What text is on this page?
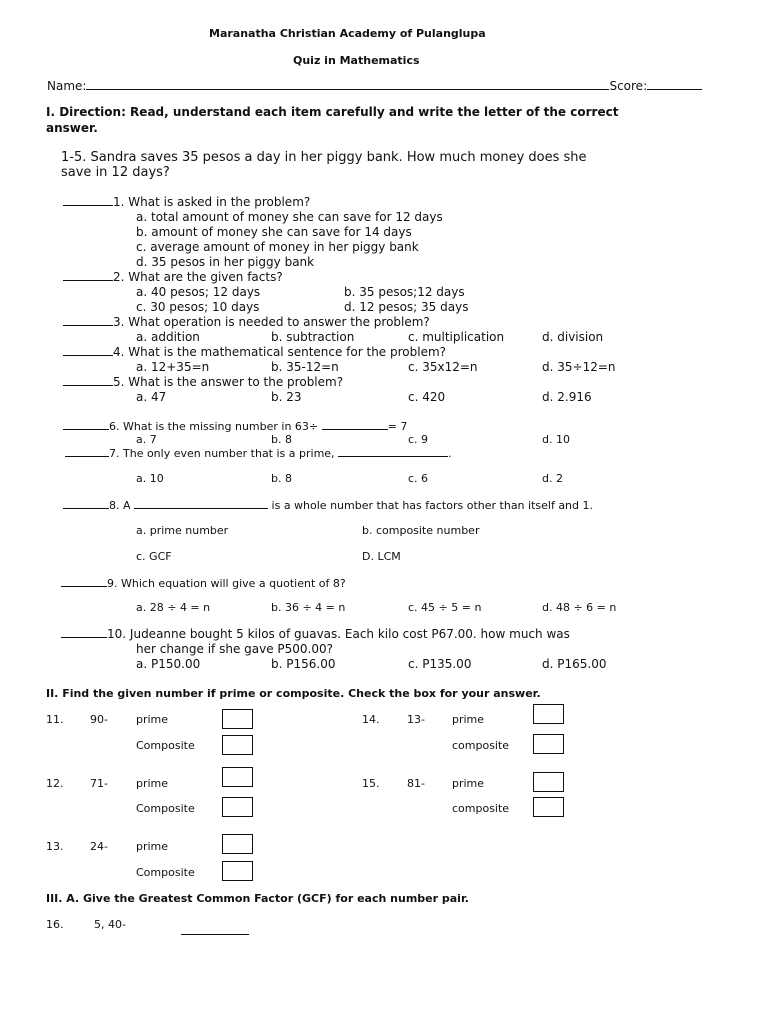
Maranatha Christian Academy of Pulanglupa
Quiz in Mathematics
Name:	Score:
I. Direction: Read, understand each item carefully and write the letter of the correct
answer.
1-5. Sandra saves 35 pesos a day in her piggy bank. How much money does she
save in 12 days?
1. What is asked in the problem?
a. total amount of money she can save for 12 days
b. amount of money she can save for 14 days
c. average amount of money in her piggy bank
d. 35 pesos in her piggy bank
2. What are the given facts?
a. 40 pesos; 12 days	b. 35 pesos;12 days
c. 30 pesos; 10 days	d. 12 pesos; 35 days
3. What operation is needed to answer the problem?
a. addition	b. subtraction	c. multiplication	d. division
4. What is the mathematical sentence for the problem?
a. 12+35=n	b. 35-12=n	c. 35x12=n	d. 35÷12=n
5. What is the answer to the problem?
a. 47	b. 23	c. 420	d. 2.916
6. What is the missing number in 63÷	= 7
a. 7	b. 8	c. 9	d. 10
7. The only even number that is a prime,	.
a. 10	b. 8	c. 6	d. 2
8. A	is a whole number that has factors other than itself and 1.
a. prime number	b. composite number
c. GCF	D. LCM
9. Which equation will give a quotient of 8?
a. 28 ÷ 4 = n	b. 36 ÷ 4 = n	c. 45 ÷ 5 = n	d. 48 ÷ 6 = n
10. Judeanne bought 5 kilos of guavas. Each kilo cost P67.00. how much was
her change if she gave P500.00?
a. P150.00	b. P156.00	c. P135.00	d. P165.00
II. Find the given number if prime or composite. Check the box for your answer.
11. 90-	prime
Composite
14.	13- prime
composite
12. 71-	prime
Composite
15.	81- prime
composite
13. 24-	prime
Composite
III. A. Give the Greatest Common Factor (GCF) for each number pair.
16.	5, 40-
